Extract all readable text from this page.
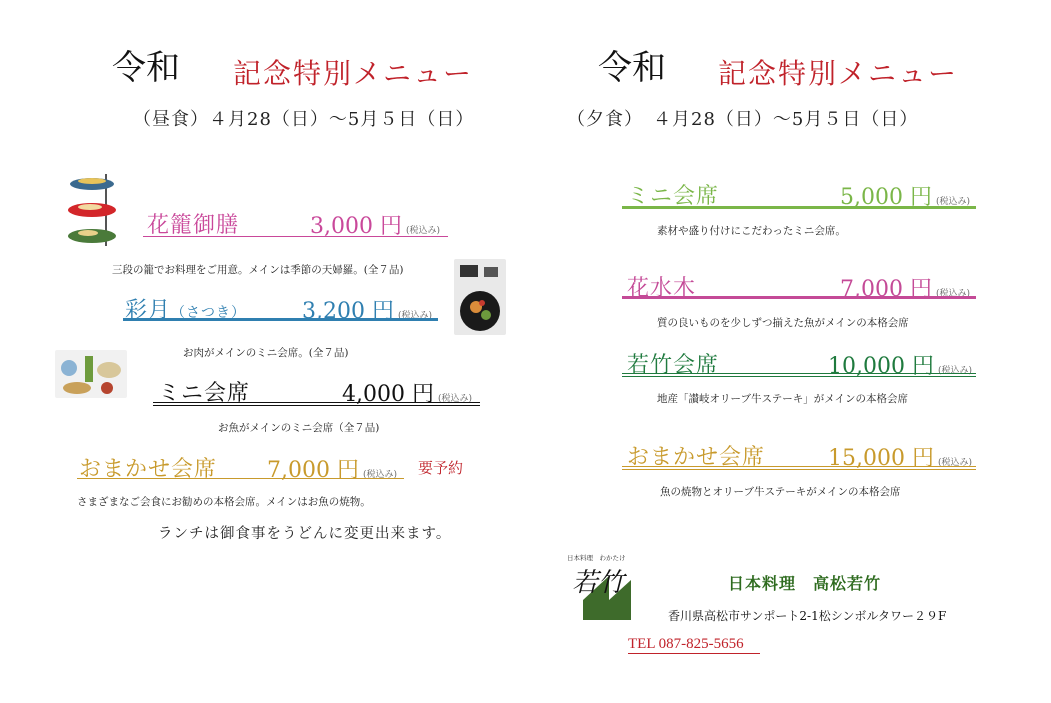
令和 記念特別メニュー
（昼食）４月28（日）～5月５日（日）
花籠御膳	3,000 円 (税込み)
三段の籠でお料理をご用意。メインは季節の天婦羅。(全７品)
彩月（さつき）	3,200 円 (税込み)
お肉がメインのミニ会席。(全７品)
ミニ会席	4,000 円 (税込み)
お魚がメインのミニ会席（全７品)
おまかせ会席 7,000 円 (税込み) 要予約
さまざまなご会食にお勧めの本格会席。メインはお魚の焼物。
ランチは御食事をうどんに変更出来ます。
令和 記念特別メニュー
（夕食）　４月28（日）～5月５日（日）
ミニ会席	5,000 円 (税込み)
素材や盛り付けにこだわったミニ会席。
花水木	7,000 円 (税込み)
質の良いものを少しずつ揃えた魚がメインの本格会席
若竹会席	10,000 円 (税込み)
地産「讃岐オリーブ牛ステーキ」がメインの本格会席
おまかせ会席	15,000 円 (税込み)
魚の焼物とオリーブ牛ステーキがメインの本格会席
日本料理　わかたけ
若竹	日本料理　高松若竹
香川県高松市サンポート2-1松シンボルタワー２９F
TEL 087-825-5656
